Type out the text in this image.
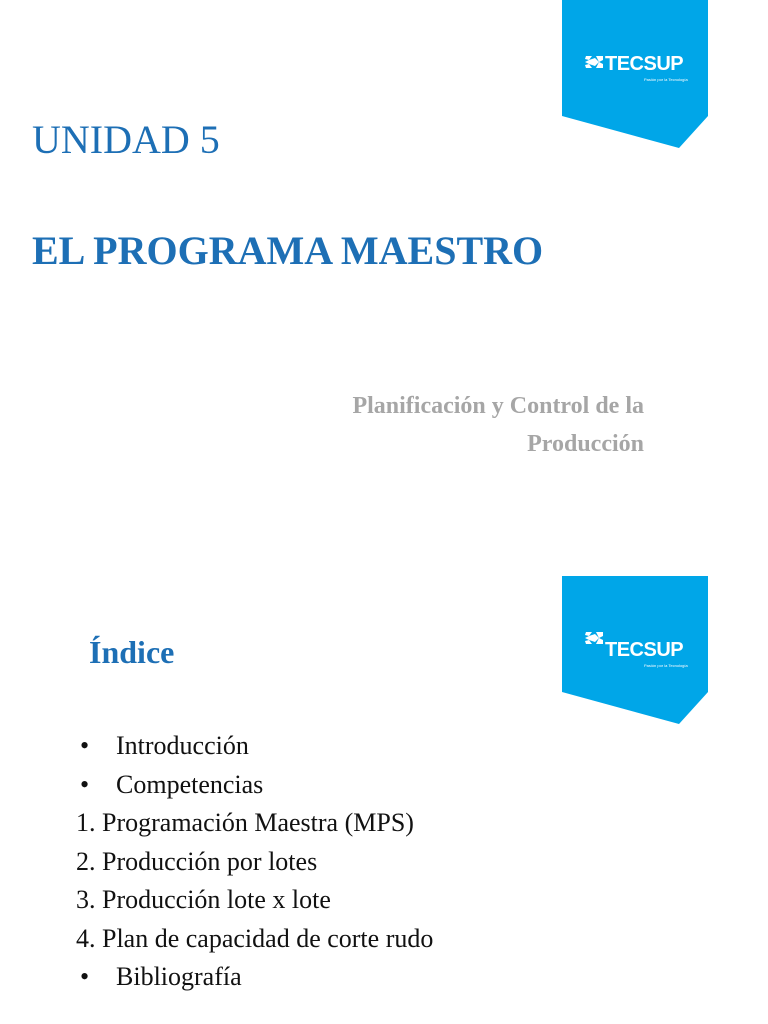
TECSUP
Pasión por la Tecnología
UNIDAD 5
EL PROGRAMA MAESTRO
Planificación y Control de la
Producción
TECSUP
Pasión por la Tecnología
Índice
• Introducción
• Competencias
1. Programación Maestra (MPS)
2. Producción por lotes
3. Producción lote x lote
4. Plan de capacidad de corte rudo
• Bibliografía
